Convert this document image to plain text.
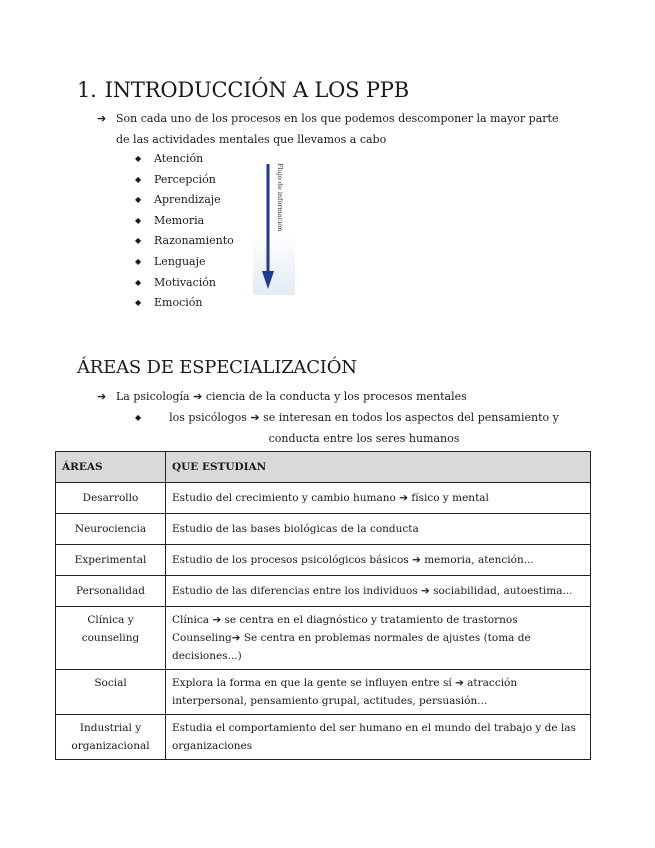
1. INTRODUCCIÓN A LOS PPB
➔ Son cada uno de los procesos en los que podemos descomponer la mayor parte de las actividades mentales que llevamos a cabo
◆ Atención
◆ Percepción
◆ Aprendizaje
◆ Memoria
◆ Razonamiento
◆ Lenguaje
◆ Motivación
◆ Emoción
Flujo de información
ÁREAS DE ESPECIALIZACIÓN
➔ La psicología ➔ ciencia de la conducta y los procesos mentales
◆	los psicólogos ➔ se interesan en todos los aspectos del pensamiento y conducta entre los seres humanos
ÁREAS	QUE ESTUDIAN
Desarrollo	Estudio del crecimiento y cambio humano ➔ físico y mental
Neurociencia	Estudio de las bases biológicas de la conducta
Experimental	Estudio de los procesos psicológicos básicos ➔ memoria, atención...
Personalidad	Estudio de las diferencias entre los individuos ➔ sociabilidad, autoestima...
Clínica y counseling	Clínica ➔ se centra en el diagnóstico y tratamiento de trastornos Counseling➔ Se centra en problemas normales de ajustes (toma de decisiones...)
Social	Explora la forma en que la gente se influyen entre sí ➔ atracción interpersonal, pensamiento grupal, actitudes, persuasión...
Industrial y organizacional	Estudia el comportamiento del ser humano en el mundo del trabajo y de las organizaciones
